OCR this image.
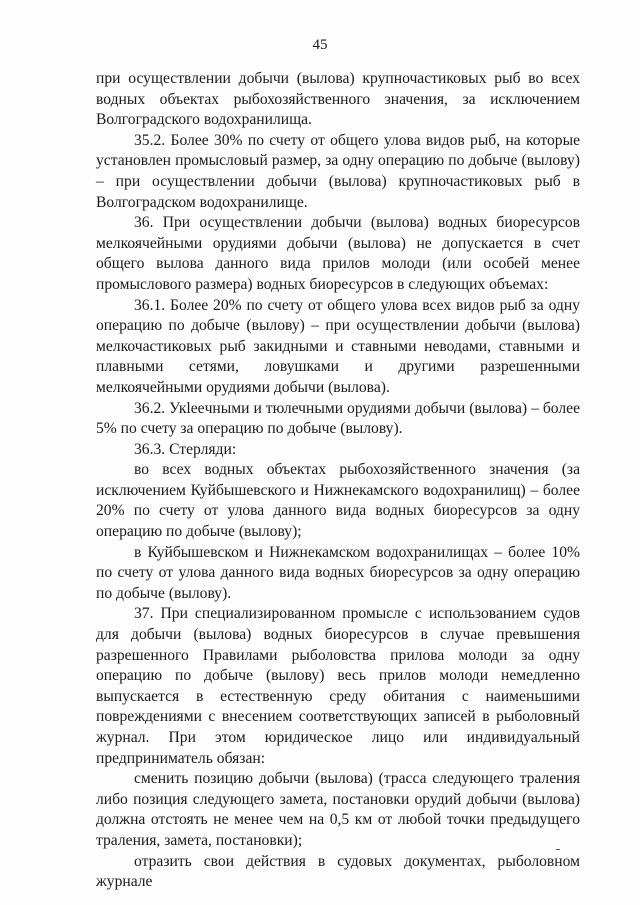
45

при осуществлении добычи (вылова) крупночастиковых рыб во всех водных объектах рыбохозяйственного значения, за исключением Волгоградского водохранилища.

35.2. Более 30% по счету от общего улова видов рыб, на которые установлен промысловый размер, за одну операцию по добыче (вылову) – при осуществлении добычи (вылова) крупночастиковых рыб в Волгоградском водохранилище.

36. При осуществлении добычи (вылова) водных биоресурсов мелкоячейными орудиями добычи (вылова) не допускается в счет общего вылова данного вида прилов молоди (или особей менее промыслового размера) водных биоресурсов в следующих объемах:

36.1. Более 20% по счету от общего улова всех видов рыб за одну операцию по добыче (вылову) – при осуществлении добычи (вылова) мелкочастиковых рыб закидными и ставными неводами, ставными и плавными сетями, ловушками и другими разрешенными мелкоячейными орудиями добычи (вылова).

36.2. Укleeчными и тюлечными орудиями добычи (вылова) – более 5% по счету за операцию по добыче (вылову).

36.3. Стерляди:

во всех водных объектах рыбохозяйственного значения (за исключением Куйбышевского и Нижнекамского водохранилищ) – более 20% по счету от улова данного вида водных биоресурсов за одну операцию по добыче (вылову);

в Куйбышевском и Нижнекамском водохранилищах – более 10% по счету от улова данного вида водных биоресурсов за одну операцию по добыче (вылову).

37. При специализированном промысле с использованием судов для добычи (вылова) водных биоресурсов в случае превышения разрешенного Правилами рыболовства прилова молоди за одну операцию по добыче (вылову) весь прилов молоди немедленно выпускается в естественную среду обитания с наименьшими повреждениями с внесением соответствующих записей в рыболовный журнал. При этом юридическое лицо или индивидуальный предприниматель обязан:

сменить позицию добычи (вылова) (трасса следующего траления либо позиция следующего замета, постановки орудий добычи (вылова) должна отстоять не менее чем на 0,5 км от любой точки предыдущего траления, замета, постановки);

отразить свои действия в судовых документах, рыболовном журнале
